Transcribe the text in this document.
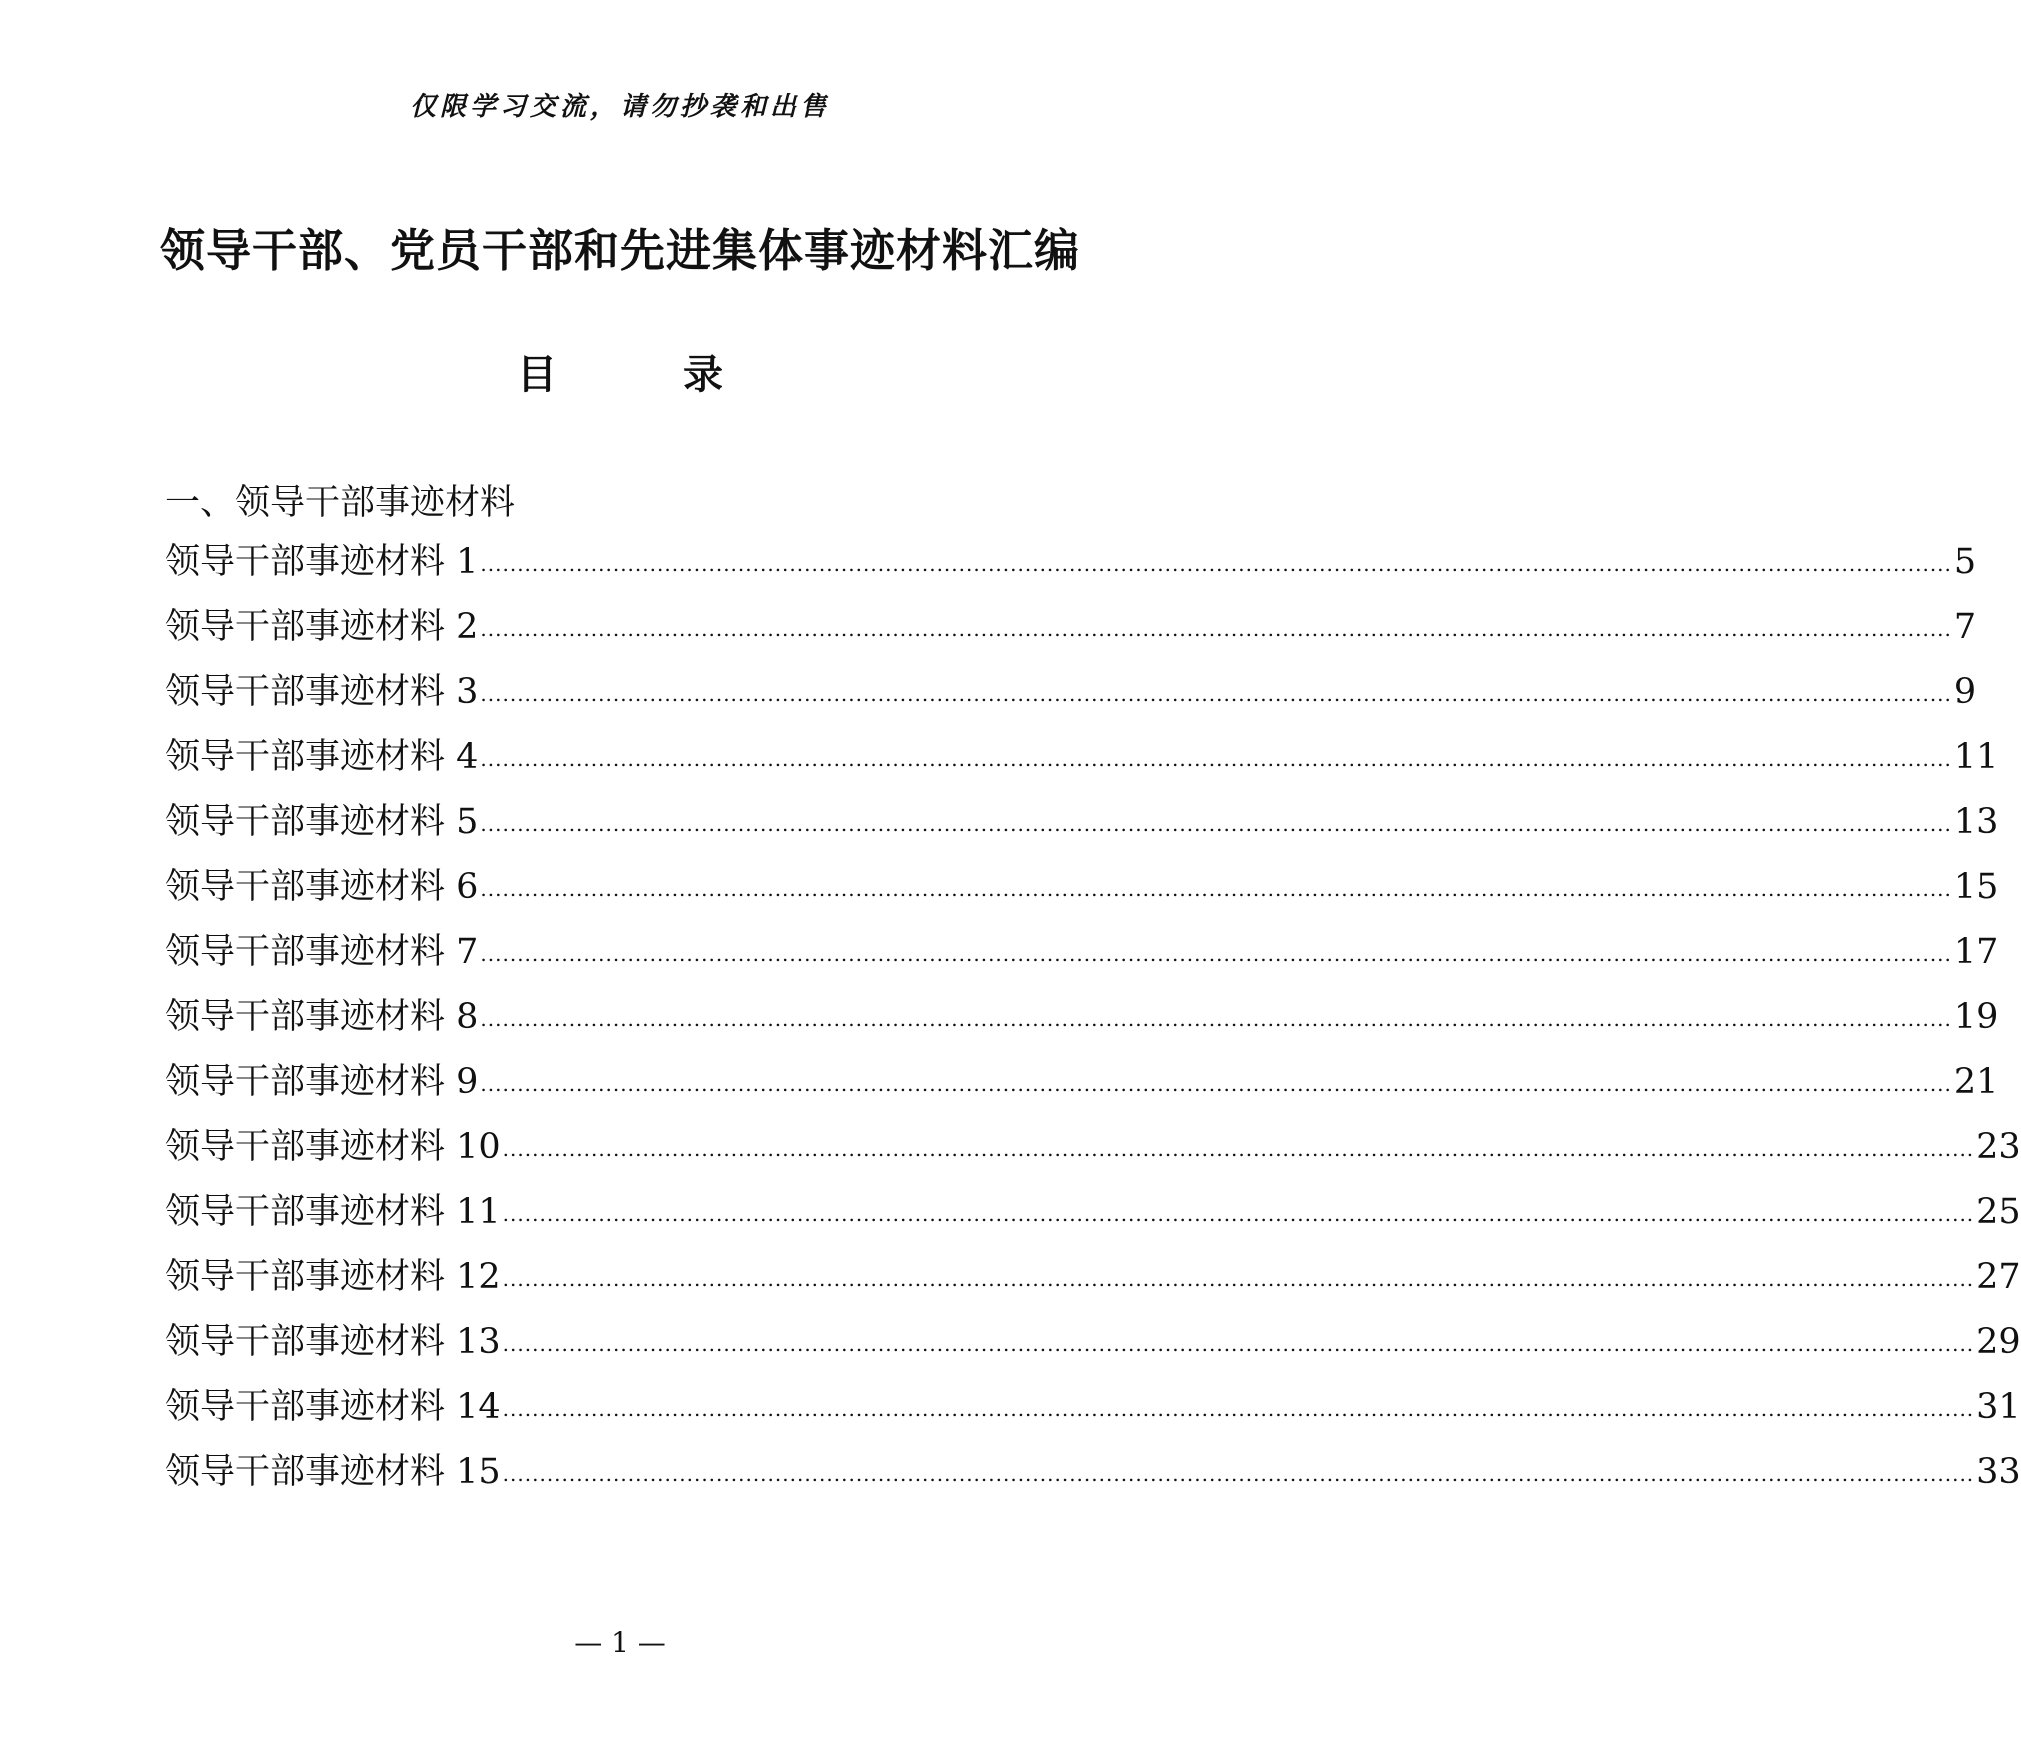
仅限学习交流，请勿抄袭和出售
领导干部、党员干部和先进集体事迹材料汇编
目 录
一、领导干部事迹材料
领导干部事迹材料 1 ........................................................................................................................................................................................................ 5
领导干部事迹材料 2 ........................................................................................................................................................................................................ 7
领导干部事迹材料 3 ........................................................................................................................................................................................................ 9
领导干部事迹材料 4 ........................................................................................................................................................................................................ 11
领导干部事迹材料 5 ........................................................................................................................................................................................................ 13
领导干部事迹材料 6 ........................................................................................................................................................................................................ 15
领导干部事迹材料 7 ........................................................................................................................................................................................................ 17
领导干部事迹材料 8 ........................................................................................................................................................................................................ 19
领导干部事迹材料 9 ........................................................................................................................................................................................................ 21
领导干部事迹材料 10 ........................................................................................................................................................................................................ 23
领导干部事迹材料 11 ........................................................................................................................................................................................................ 25
领导干部事迹材料 12 ........................................................................................................................................................................................................ 27
领导干部事迹材料 13 ........................................................................................................................................................................................................ 29
领导干部事迹材料 14 ........................................................................................................................................................................................................ 31
领导干部事迹材料 15 ........................................................................................................................................................................................................ 33
— 1 —
